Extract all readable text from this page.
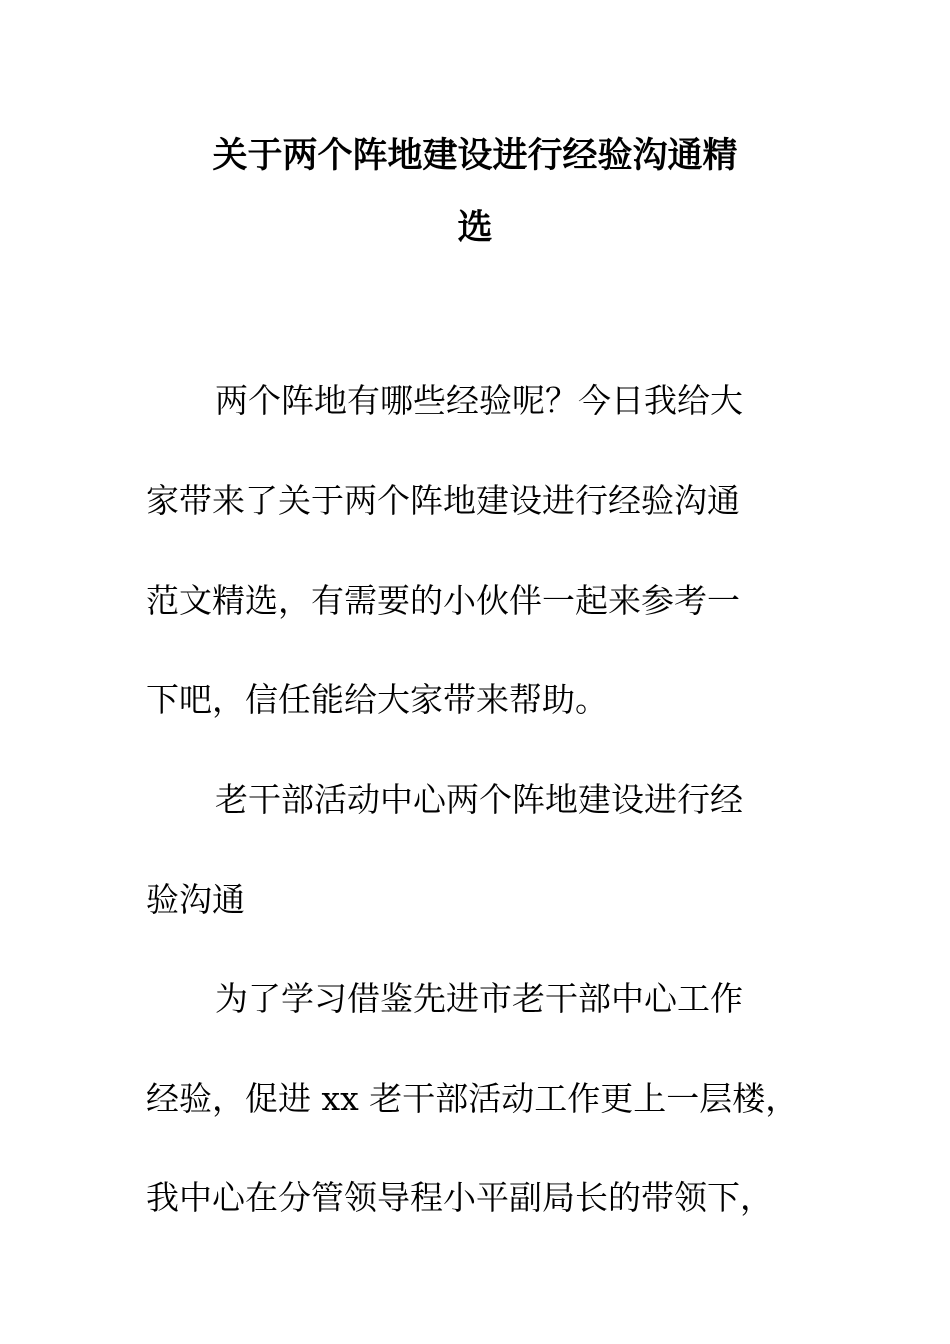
关于两个阵地建设进行经验沟通精
选
两个阵地有哪些经验呢？今日我给大
家带来了关于两个阵地建设进行经验沟通
范文精选，有需要的小伙伴一起来参考一
下吧，信任能给大家带来帮助。
老干部活动中心两个阵地建设进行经
验沟通
为了学习借鉴先进市老干部中心工作
经验，促进 xx 老干部活动工作更上一层楼，
我中心在分管领导程小平副局长的带领下，
